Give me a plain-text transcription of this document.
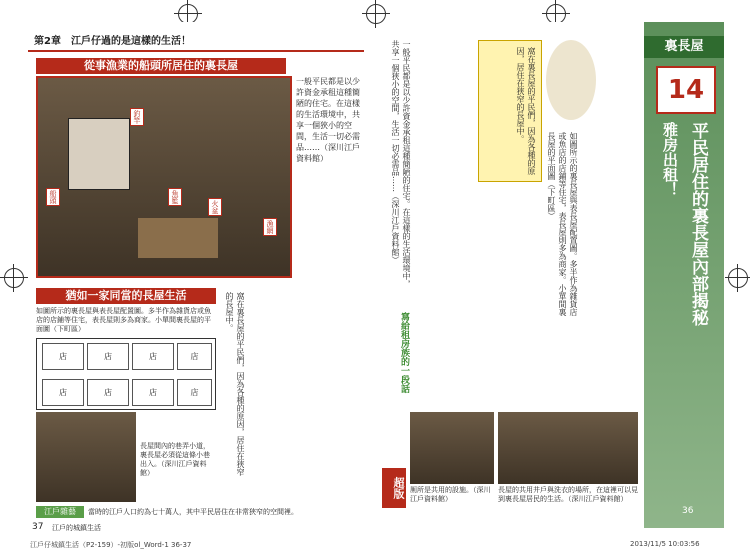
第2章　江戶仔過的是這樣的生活！
從事漁業的船頭所居住的裏長屋
船頭
釣竿
魚籃
火盆
漁網
一般平民都是以少許資金承租這種簡陋的住宅。在這樣的生活環境中，共享一個狹小的空間，生活一切必需品……（深川江戶資料館）
猶如一家同當的長屋生活
如圖所示的裏長屋與表長屋配置圖。多半作為雜貨店或魚店的店鋪等住宅，表長屋則多為商家。小單間裏長屋的平面圖（下町區）
店	店	店	店
店	店	店	店
長屋間內的巷弄小道，裏長屋必須從這條小巷出入。（深川江戶資料館）
江戶雜藝	當時的江戶人口約為七十萬人，其中平民居住在非常狹窄的空間裡。
37 江戶的城鎮生活
窩在裏長屋的平民們，因為各種的原因，居住在狹窄的長屋中。
裏長屋
14
平民居住的裏長屋內部揭秘
雅房出租！
窩在裏長屋的平民們，因為各種的原因，居住在狹窄的長屋中。
一般平民都是以少許資金承租這種簡陋的住宅。在這樣的生活環境中，共享一個狹小的空間，生活一切必需品……（深川江戶資料館）	如圖所示的裏長屋與表長屋配置圖。多半作為雜貨店或魚店的店鋪等住宅，表長屋則多為商家。小單間裏長屋的平面圖（下町區）
寫給租房族的一段話
厠所是共用的設施。（深川江戶資料館）
長屋的共用井戶與洗衣的場所，在這裡可以見到裏長屋居民的生活。（深川江戶資料館）
超版
36
江戶仔城鎮生活（P2-159）-初版ol_Word-1 36-37	2013/11/5 10:03:56
